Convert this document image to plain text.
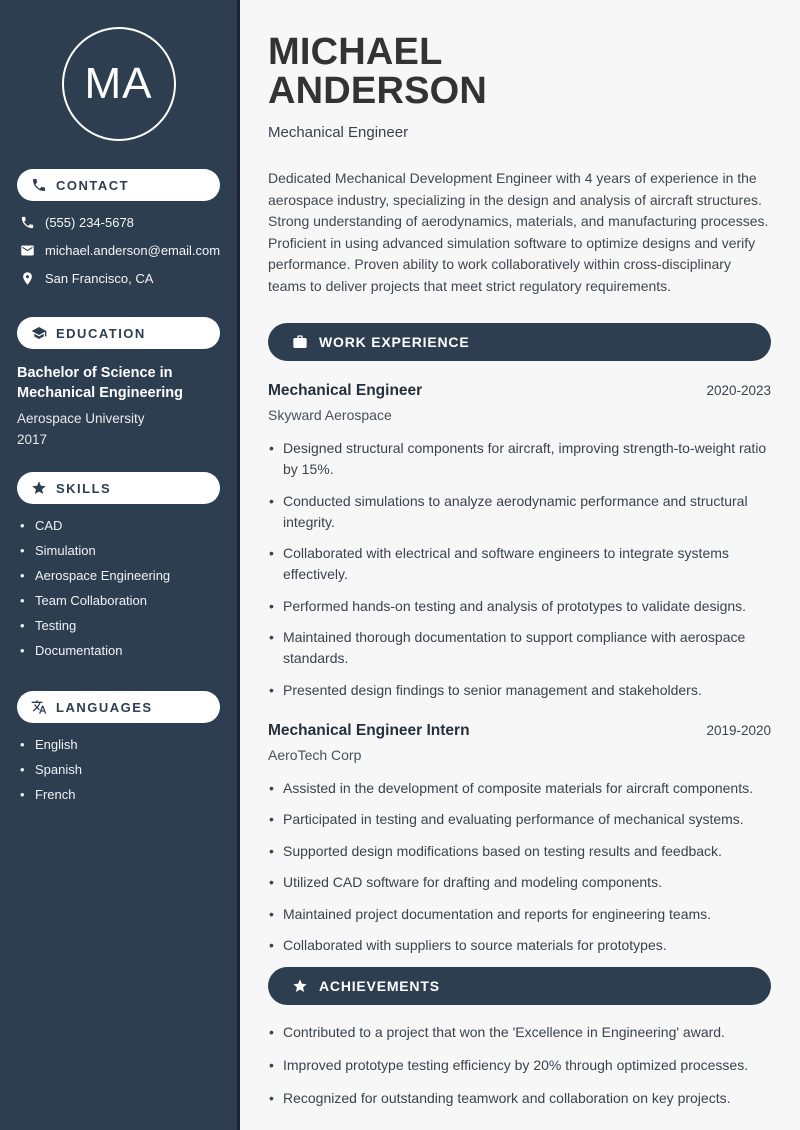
MA
CONTACT
(555) 234-5678
michael.anderson@email.com
San Francisco, CA
EDUCATION
Bachelor of Science in Mechanical Engineering
Aerospace University
2017
SKILLS
• CAD
• Simulation
• Aerospace Engineering
• Team Collaboration
• Testing
• Documentation
LANGUAGES
• English
• Spanish
• French
MICHAEL
ANDERSON
Mechanical Engineer

Dedicated Mechanical Development Engineer with 4 years of experience in the aerospace industry, specializing in the design and analysis of aircraft structures. Strong understanding of aerodynamics, materials, and manufacturing processes. Proficient in using advanced simulation software to optimize designs and verify performance. Proven ability to work collaboratively within cross-disciplinary teams to deliver projects that meet strict regulatory requirements.

WORK EXPERIENCE
Mechanical Engineer	2020-2023
Skyward Aerospace
• Designed structural components for aircraft, improving strength-to-weight ratio by 15%.
• Conducted simulations to analyze aerodynamic performance and structural integrity.
• Collaborated with electrical and software engineers to integrate systems effectively.
• Performed hands-on testing and analysis of prototypes to validate designs.
• Maintained thorough documentation to support compliance with aerospace standards.
• Presented design findings to senior management and stakeholders.
Mechanical Engineer Intern	2019-2020
AeroTech Corp
• Assisted in the development of composite materials for aircraft components.
• Participated in testing and evaluating performance of mechanical systems.
• Supported design modifications based on testing results and feedback.
• Utilized CAD software for drafting and modeling components.
• Maintained project documentation and reports for engineering teams.
• Collaborated with suppliers to source materials for prototypes.
ACHIEVEMENTS
• Contributed to a project that won the 'Excellence in Engineering' award.
• Improved prototype testing efficiency by 20% through optimized processes.
• Recognized for outstanding teamwork and collaboration on key projects.
